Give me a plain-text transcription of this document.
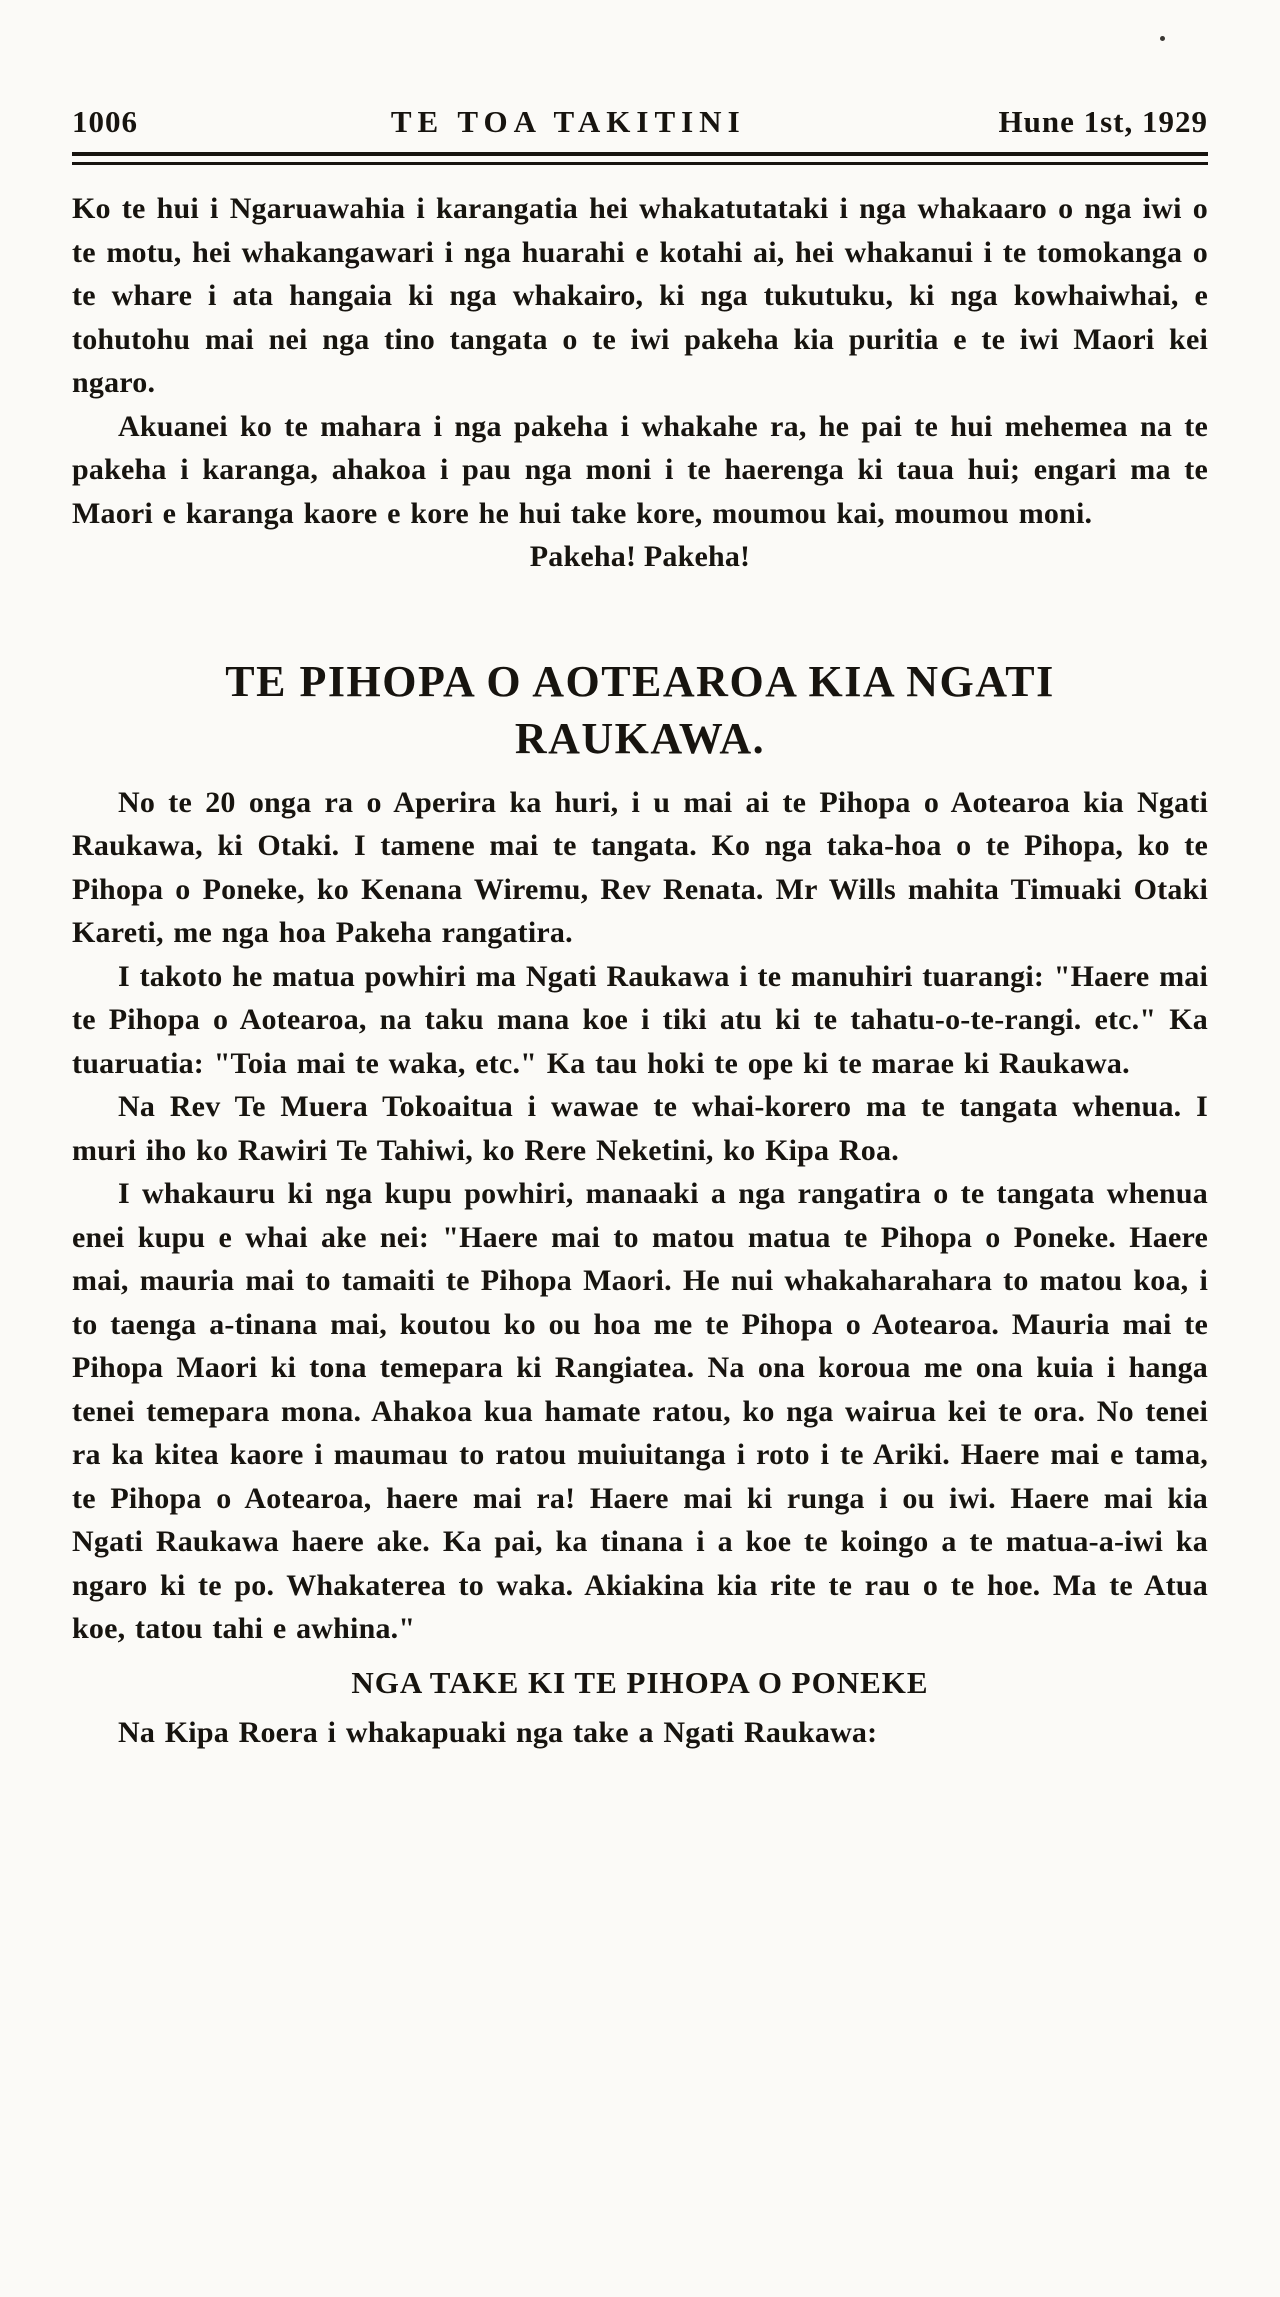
1006	TE TOA TAKITINI	Hune 1st, 1929

Ko te hui i Ngaruawahia i karangatia hei whakatutataki i nga whakaaro o nga iwi o te motu, hei whakangawari i nga huarahi e kotahi ai, hei whakanui i te tomokanga o te whare i ata hangaia ki nga whakairo, ki nga tukutuku, ki nga kowhaiwhai, e tohutohu mai nei nga tino tangata o te iwi pakeha kia puritia e te iwi Maori kei ngaro.

Akuanei ko te mahara i nga pakeha i whakahe ra, he pai te hui mehemea na te pakeha i karanga, ahakoa i pau nga moni i te haerenga ki taua hui; engari ma te Maori e karanga kaore e kore he hui take kore, moumou kai, moumou moni.

Pakeha! Pakeha!

TE PIHOPA O AOTEAROA KIA NGATI
RAUKAWA.

No te 20 onga ra o Aperira ka huri, i u mai ai te Pihopa o Aotearoa kia Ngati Raukawa, ki Otaki. I tamene mai te tangata. Ko nga taka-hoa o te Pihopa, ko te Pihopa o Poneke, ko Kenana Wiremu, Rev Renata. Mr Wills mahita Timuaki Otaki Kareti, me nga hoa Pakeha rangatira.

I takoto he matua powhiri ma Ngati Raukawa i te manuhiri tuarangi: "Haere mai te Pihopa o Aotearoa, na taku mana koe i tiki atu ki te tahatu-o-te-rangi. etc." Ka tuaruatia: "Toia mai te waka, etc." Ka tau hoki te ope ki te marae ki Raukawa.

Na Rev Te Muera Tokoaitua i wawae te whai-korero ma te tangata whenua. I muri iho ko Rawiri Te Tahiwi, ko Rere Neketini, ko Kipa Roa.

I whakauru ki nga kupu powhiri, manaaki a nga rangatira o te tangata whenua enei kupu e whai ake nei: "Haere mai to matou matua te Pihopa o Poneke. Haere mai, mauria mai to tamaiti te Pihopa Maori. He nui whakaharahara to matou koa, i to taenga a-tinana mai, koutou ko ou hoa me te Pihopa o Aotearoa. Mauria mai te Pihopa Maori ki tona temepara ki Rangiatea. Na ona koroua me ona kuia i hanga tenei temepara mona. Ahakoa kua hamate ratou, ko nga wairua kei te ora. No tenei ra ka kitea kaore i maumau to ratou muiuitanga i roto i te Ariki. Haere mai e tama, te Pihopa o Aotearoa, haere mai ra! Haere mai ki runga i ou iwi. Haere mai kia Ngati Raukawa haere ake. Ka pai, ka tinana i a koe te koingo a te matua-a-iwi ka ngaro ki te po. Whakaterea to waka. Akiakina kia rite te rau o te hoe. Ma te Atua koe, tatou tahi e awhina."

NGA TAKE KI TE PIHOPA O PONEKE

Na Kipa Roera i whakapuaki nga take a Ngati Raukawa:
